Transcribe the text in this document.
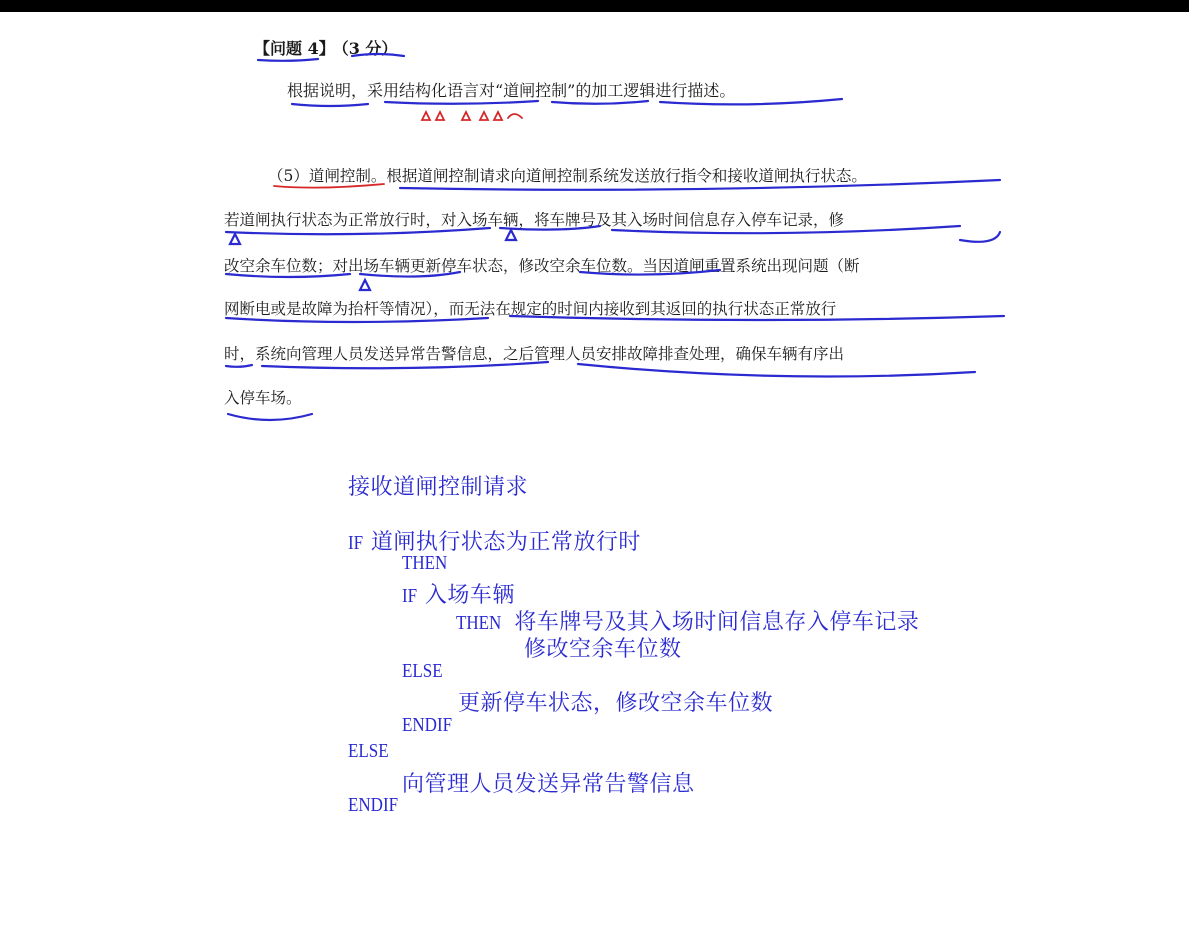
【问题 4】 （3 分）
根据说明，采用结构化语言对“道闸控制”的加工逻辑进行描述。
（5）道闸控制。根据道闸控制请求向道闸控制系统发送放行指令和接收道闸执行状态。
若道闸执行状态为正常放行时，对入场车辆，将车牌号及其入场时间信息存入停车记录，修
改空余车位数；对出场车辆更新停车状态，修改空余车位数。当因道闸重置系统出现问题（断
网断电或是故障为抬杆等情况），而无法在规定的时间内接收到其返回的执行状态正常放行
时，系统向管理人员发送异常告警信息，之后管理人员安排故障排查处理，确保车辆有序出
入停车场。
接收道闸控制请求
IF 道闸执行状态为正常放行时
THEN
IF 入场车辆
THEN 将车牌号及其入场时间信息存入停车记录
修改空余车位数
ELSE
更新停车状态，修改空余车位数
ENDIF
ELSE
向管理人员发送异常告警信息
ENDIF
